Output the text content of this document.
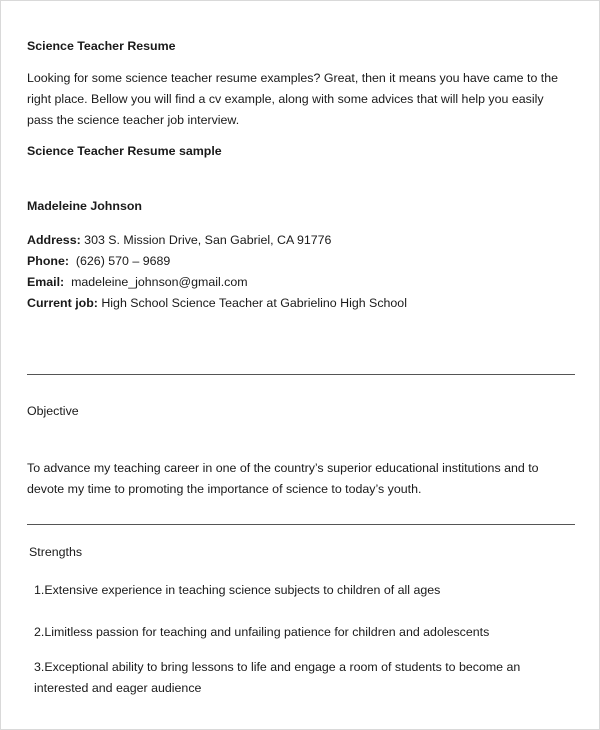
Science Teacher Resume
Looking for some science teacher resume examples? Great, then it means you have came to the right place. Bellow you will find a cv example, along with some advices that will help you easily pass the science teacher job interview.
Science Teacher Resume sample
Madeleine Johnson
Address: 303 S. Mission Drive, San Gabriel, CA 91776
Phone: (626) 570 – 9689
Email: madeleine_johnson@gmail.com
Current job: High School Science Teacher at Gabrielino High School
Objective
To advance my teaching career in one of the country’s superior educational institutions and to devote my time to promoting the importance of science to today’s youth.
Strengths
1.Extensive experience in teaching science subjects to children of all ages
2.Limitless passion for teaching and unfailing patience for children and adolescents
3.Exceptional ability to bring lessons to life and engage a room of students to become an interested and eager audience
